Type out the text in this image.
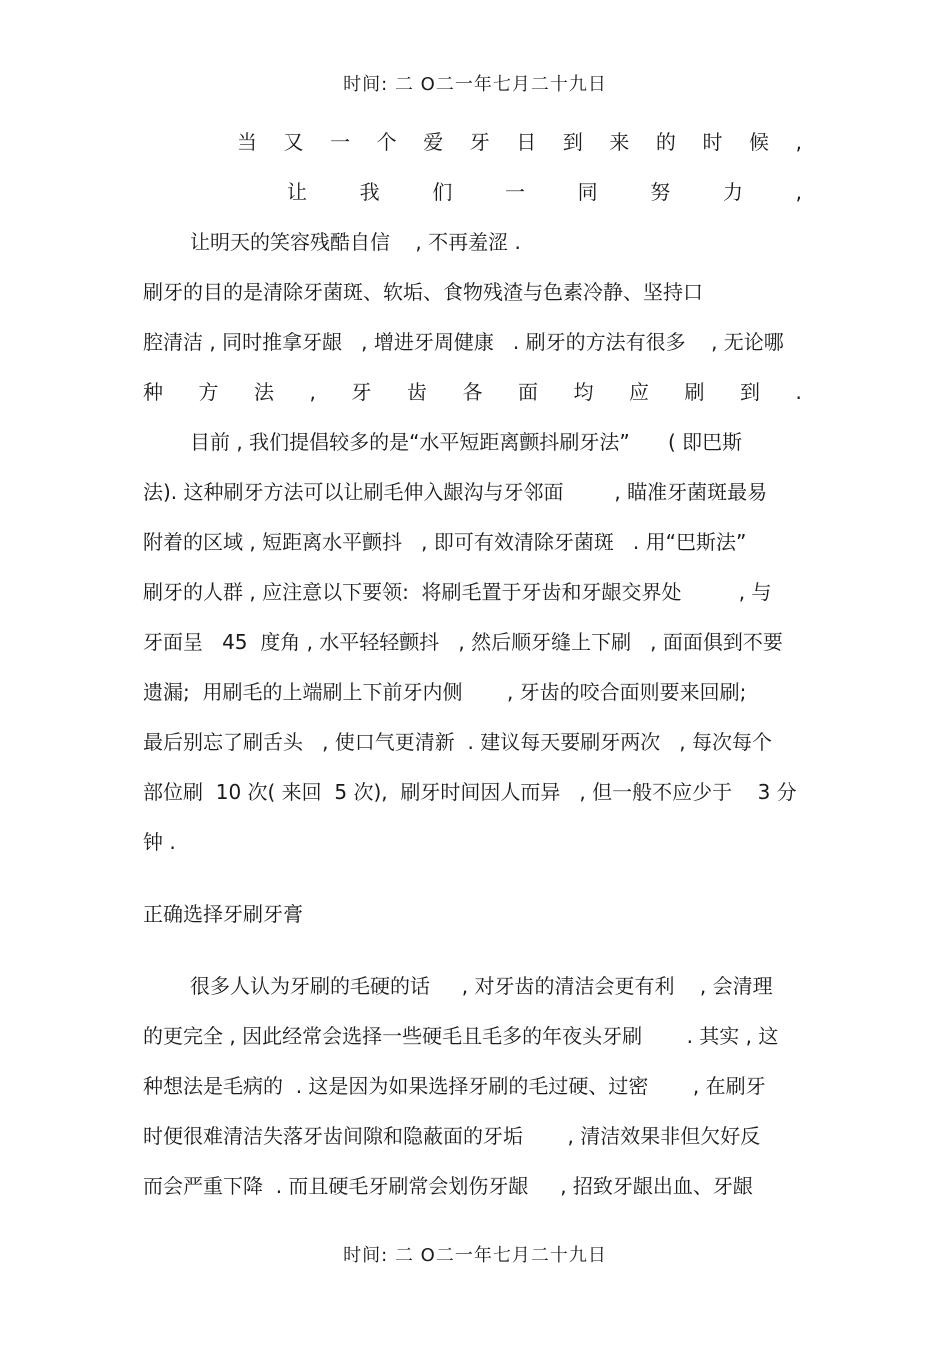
时间: 二 O二一年七月二十九日
当 又 一 个 爱 牙 日 到 来 的 时 候 ,
让	我	们	一	同	努	力	,
让明天的笑容残酷自信    , 不再羞涩 .
刷牙的目的是清除牙菌斑、软垢、食物残渣与色素冷静、坚持口
腔清洁 , 同时推拿牙龈   , 增进牙周健康   . 刷牙的方法有很多    , 无论哪
种 方 法 , 牙 齿 各 面 均 应 刷 到 .
目前 , 我们提倡较多的是“水平短距离颤抖刷牙法”      ( 即巴斯
法). 这种刷牙方法可以让刷毛伸入龈沟与牙邻面        , 瞄准牙菌斑最易
附着的区域 , 短距离水平颤抖   , 即可有效清除牙菌斑   . 用“巴斯法”
刷牙的人群 , 应注意以下要领:  将刷毛置于牙齿和牙龈交界处         , 与
牙面呈   45  度角 , 水平轻轻颤抖   , 然后顺牙缝上下刷   , 面面俱到不要
遗漏;  用刷毛的上端刷上下前牙内侧       , 牙齿的咬合面则要来回刷;
最后别忘了刷舌头   , 使口气更清新  . 建议每天要刷牙两次   , 每次每个
部位刷  10 次( 来回  5 次),  刷牙时间因人而异   , 但一般不应少于    3 分
钟 .
正确选择牙刷牙膏
很多人认为牙刷的毛硬的话     , 对牙齿的清洁会更有利    , 会清理
的更完全 , 因此经常会选择一些硬毛且毛多的年夜头牙刷       . 其实 , 这
种想法是毛病的  . 这是因为如果选择牙刷的毛过硬、过密       , 在刷牙
时便很难清洁失落牙齿间隙和隐蔽面的牙垢       , 清洁效果非但欠好反
而会严重下降  . 而且硬毛牙刷常会划伤牙龈     , 招致牙龈出血、牙龈
时间: 二 O二一年七月二十九日
